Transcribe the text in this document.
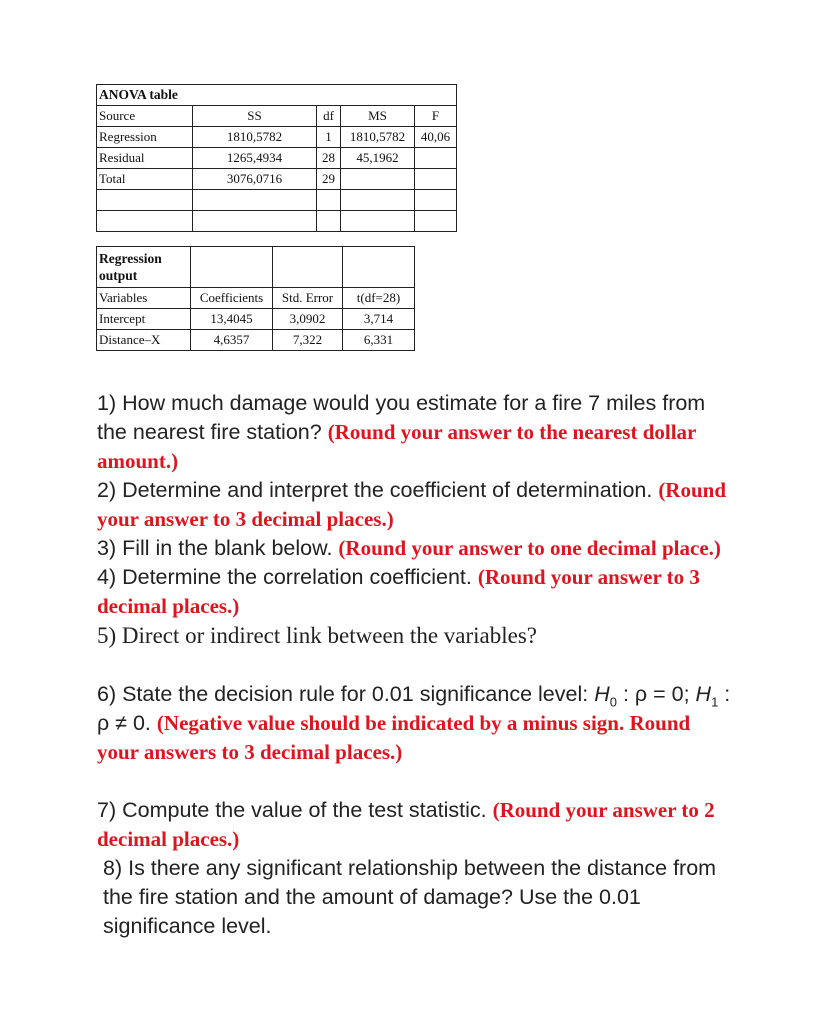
ANOVA table				
Source	SS	df	MS	F
Regression	1810,5782	1	1810,5782	40,06
Residual	1265,4934	28	45,1962	
Total	3076,0716	29		

Regression output			
Variables	Coefficients	Std. Error	t(df=28)
Intercept	13,4045	3,0902	3,714
Distance–X	4,6357	7,322	6,331

1) How much damage would you estimate for a fire 7 miles from the nearest fire station? (Round your answer to the nearest dollar amount.)

2) Determine and interpret the coefficient of determination. (Round your answer to 3 decimal places.)

3) Fill in the blank below. (Round your answer to one decimal place.)

4) Determine the correlation coefficient. (Round your answer to 3 decimal places.)

5) Direct or indirect link between the variables?

6) State the decision rule for 0.01 significance level: $H_0$ : ρ = 0; $H_1$ : ρ ≠ 0. (Negative value should be indicated by a minus sign. Round your answers to 3 decimal places.)

7) Compute the value of the test statistic. (Round your answer to 2 decimal places.)

8) Is there any significant relationship between the distance from the fire station and the amount of damage? Use the 0.01 significance level.
